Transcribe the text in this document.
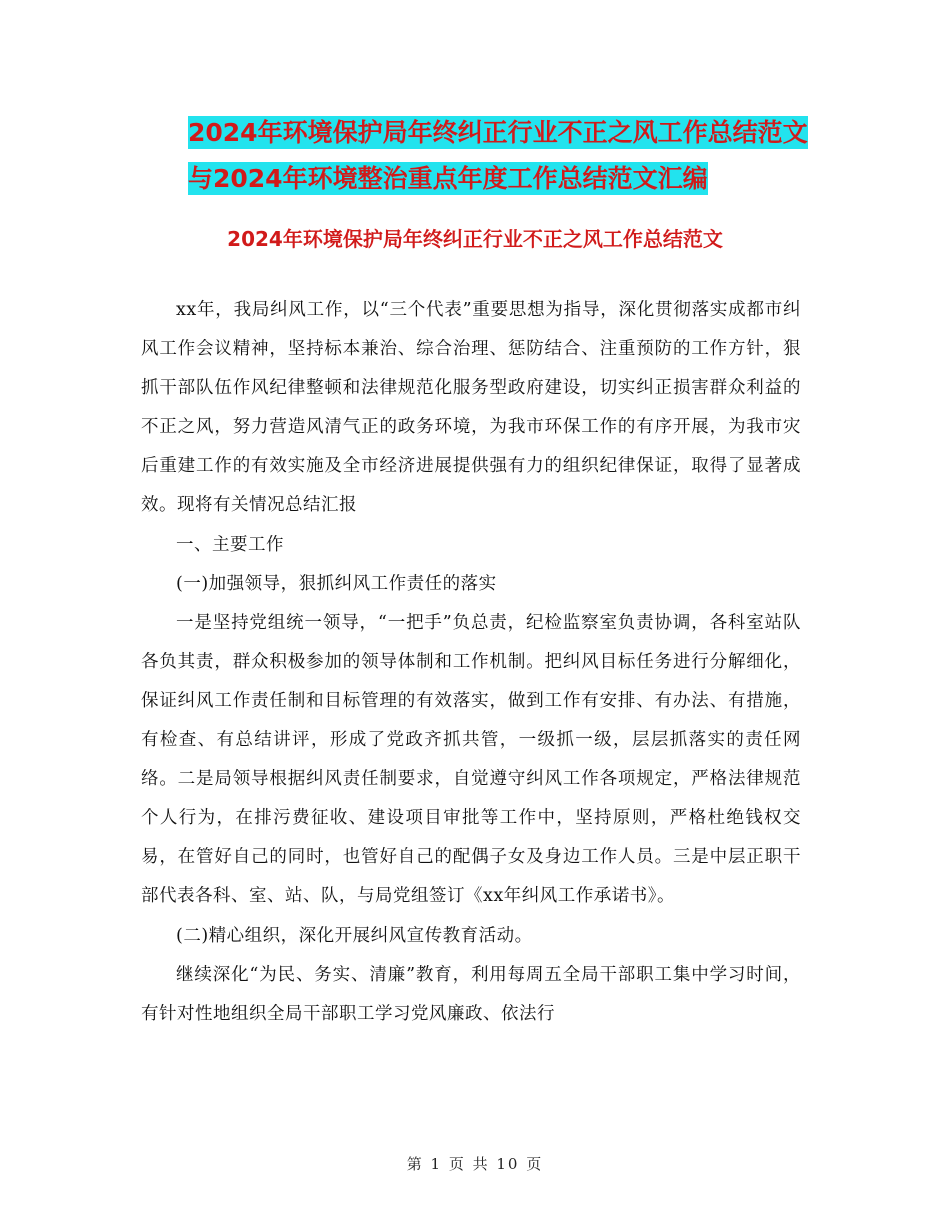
2024年环境保护局年终纠正行业不正之风工作总结范文与2024年环境整治重点年度工作总结范文汇编
2024年环境保护局年终纠正行业不正之风工作总结范文

xx年，我局纠风工作，以“三个代表”重要思想为指导，深化贯彻落实成都市纠风工作会议精神，坚持标本兼治、综合治理、惩防结合、注重预防的工作方针，狠抓干部队伍作风纪律整顿和法律规范化服务型政府建设，切实纠正损害群众利益的不正之风，努力营造风清气正的政务环境，为我市环保工作的有序开展，为我市灾后重建工作的有效实施及全市经济进展提供强有力的组织纪律保证，取得了显著成效。现将有关情况总结汇报

一、主要工作

(一)加强领导，狠抓纠风工作责任的落实

一是坚持党组统一领导，“一把手”负总责，纪检监察室负责协调，各科室站队各负其责，群众积极参加的领导体制和工作机制。把纠风目标任务进行分解细化，保证纠风工作责任制和目标管理的有效落实，做到工作有安排、有办法、有措施，有检查、有总结讲评，形成了党政齐抓共管，一级抓一级，层层抓落实的责任网络。二是局领导根据纠风责任制要求，自觉遵守纠风工作各项规定，严格法律规范个人行为，在排污费征收、建设项目审批等工作中，坚持原则，严格杜绝钱权交易，在管好自己的同时，也管好自己的配偶子女及身边工作人员。三是中层正职干部代表各科、室、站、队，与局党组签订《xx年纠风工作承诺书》。

(二)精心组织，深化开展纠风宣传教育活动。

继续深化“为民、务实、清廉”教育，利用每周五全局干部职工集中学习时间，有针对性地组织全局干部职工学习党风廉政、依法行

第 1 页 共 10 页
